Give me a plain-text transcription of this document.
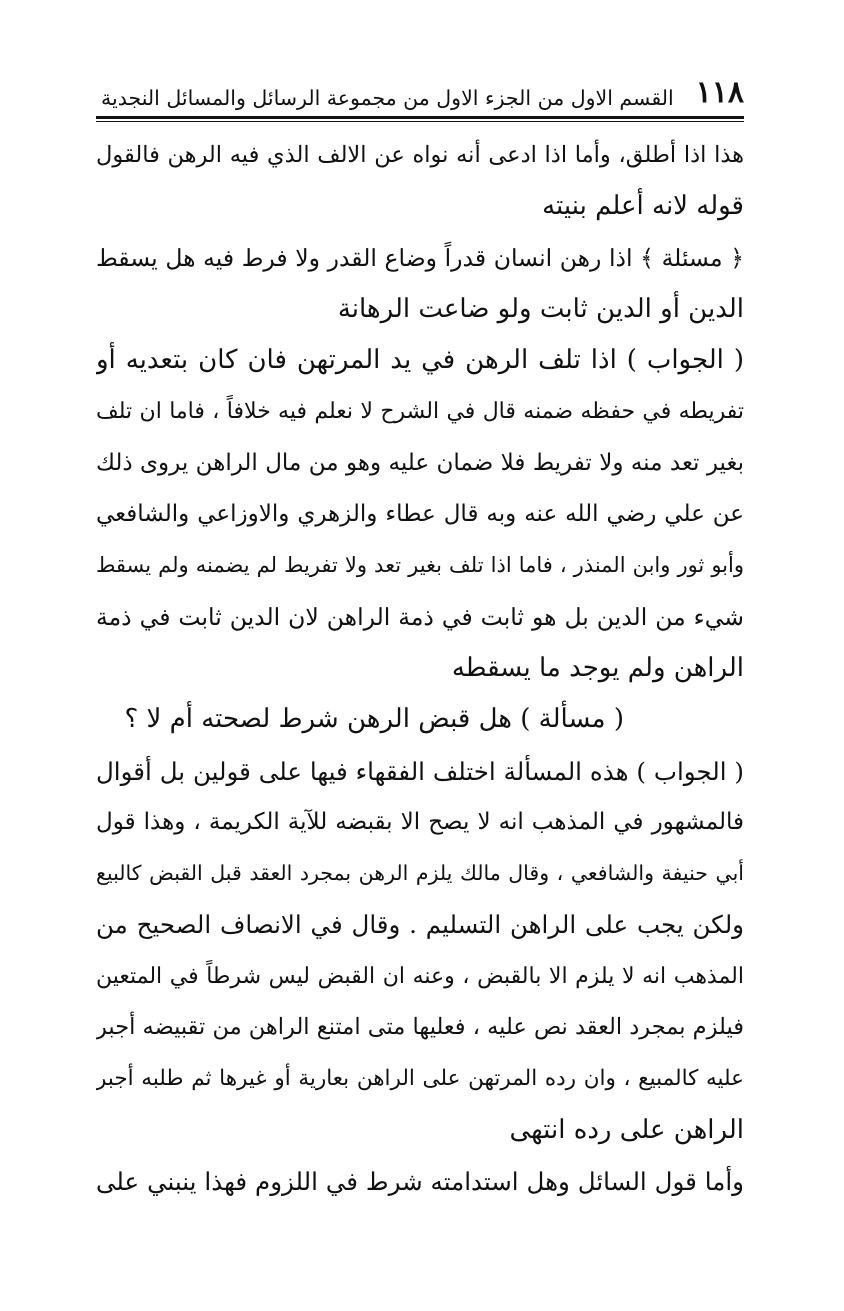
١١٨
القسم الاول من الجزء الاول من مجموعة الرسائل والمسائل النجدية
هذا اذا أطلق، وأما اذا ادعى أنه نواه عن الالف الذي فيه الرهن فالقول
قوله لانه أعلم بنيته
﴿ مسئلة ﴾ اذا رهن انسان قدراً وضاع القدر ولا فرط فيه هل يسقط
الدين أو الدين ثابت ولو ضاعت الرهانة
( الجواب ) اذا تلف الرهن في يد المرتهن فان كان بتعديه أو
تفريطه في حفظه ضمنه قال في الشرح لا نعلم فيه خلافاً ، فاما ان تلف
بغير تعد منه ولا تفريط فلا ضمان عليه وهو من مال الراهن يروى ذلك
عن علي رضي الله عنه وبه قال عطاء والزهري والاوزاعي والشافعي
وأبو ثور وابن المنذر ، فاما اذا تلف بغير تعد ولا تفريط لم يضمنه ولم يسقط
شيء من الدين بل هو ثابت في ذمة الراهن لان الدين ثابت في ذمة
الراهن ولم يوجد ما يسقطه
( مسألة ) هل قبض الرهن شرط لصحته أم لا ؟
( الجواب ) هذه المسألة اختلف الفقهاء فيها على قولين بل أقوال
فالمشهور في المذهب انه لا يصح الا بقبضه للآية الكريمة ، وهذا قول
أبي حنيفة والشافعي ، وقال مالك يلزم الرهن بمجرد العقد قبل القبض كالبيع
ولكن يجب على الراهن التسليم . وقال في الانصاف الصحيح من
المذهب انه لا يلزم الا بالقبض ، وعنه ان القبض ليس شرطاً في المتعين
فيلزم بمجرد العقد نص عليه ، فعليها متى امتنع الراهن من تقبيضه أجبر
عليه كالمبيع ، وان رده المرتهن على الراهن بعارية أو غيرها ثم طلبه أجبر
الراهن على رده انتهى
وأما قول السائل وهل استدامته شرط في اللزوم فهذا ينبني على
